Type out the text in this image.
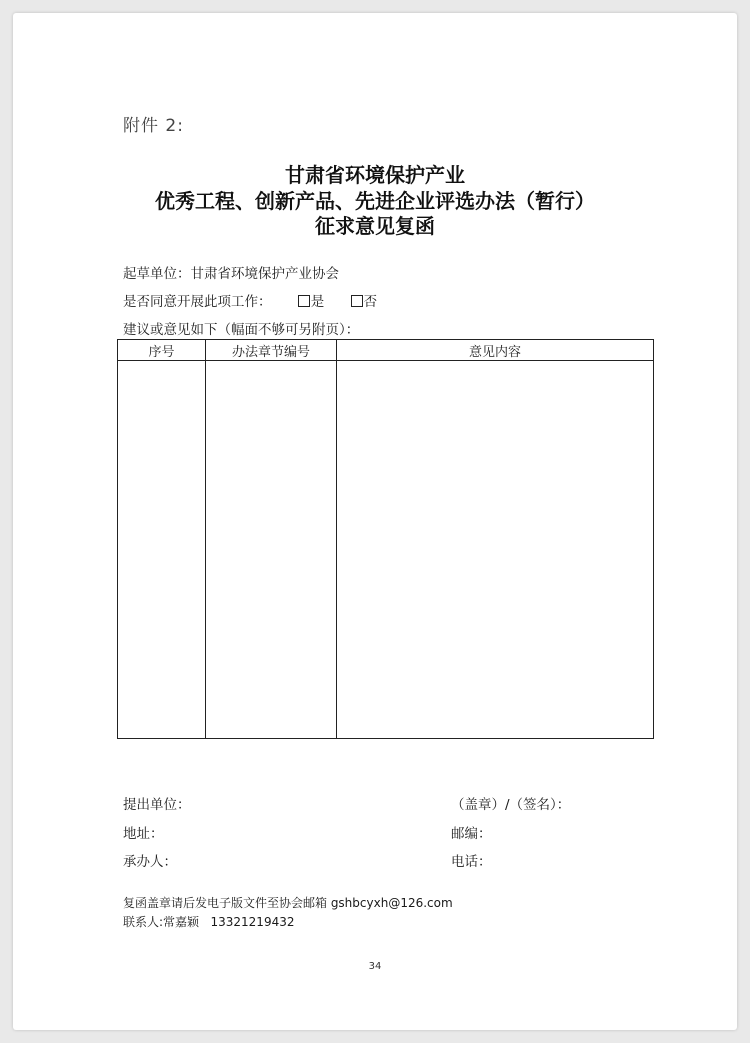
附件 2:
甘肃省环境保护产业
优秀工程、创新产品、先进企业评选办法（暂行）
征求意见复函
起草单位：甘肃省环境保护产业协会
是否同意开展此项工作：	是	否
建议或意见如下（幅面不够可另附页）：
序号	办法章节编号	意见内容

提出单位：	（盖章）/（签名）：
地址：	邮编：
承办人：	电话：
复函盖章请后发电子版文件至协会邮箱 gshbcyxh@126.com
联系人:常嘉颖 13321219432
34
